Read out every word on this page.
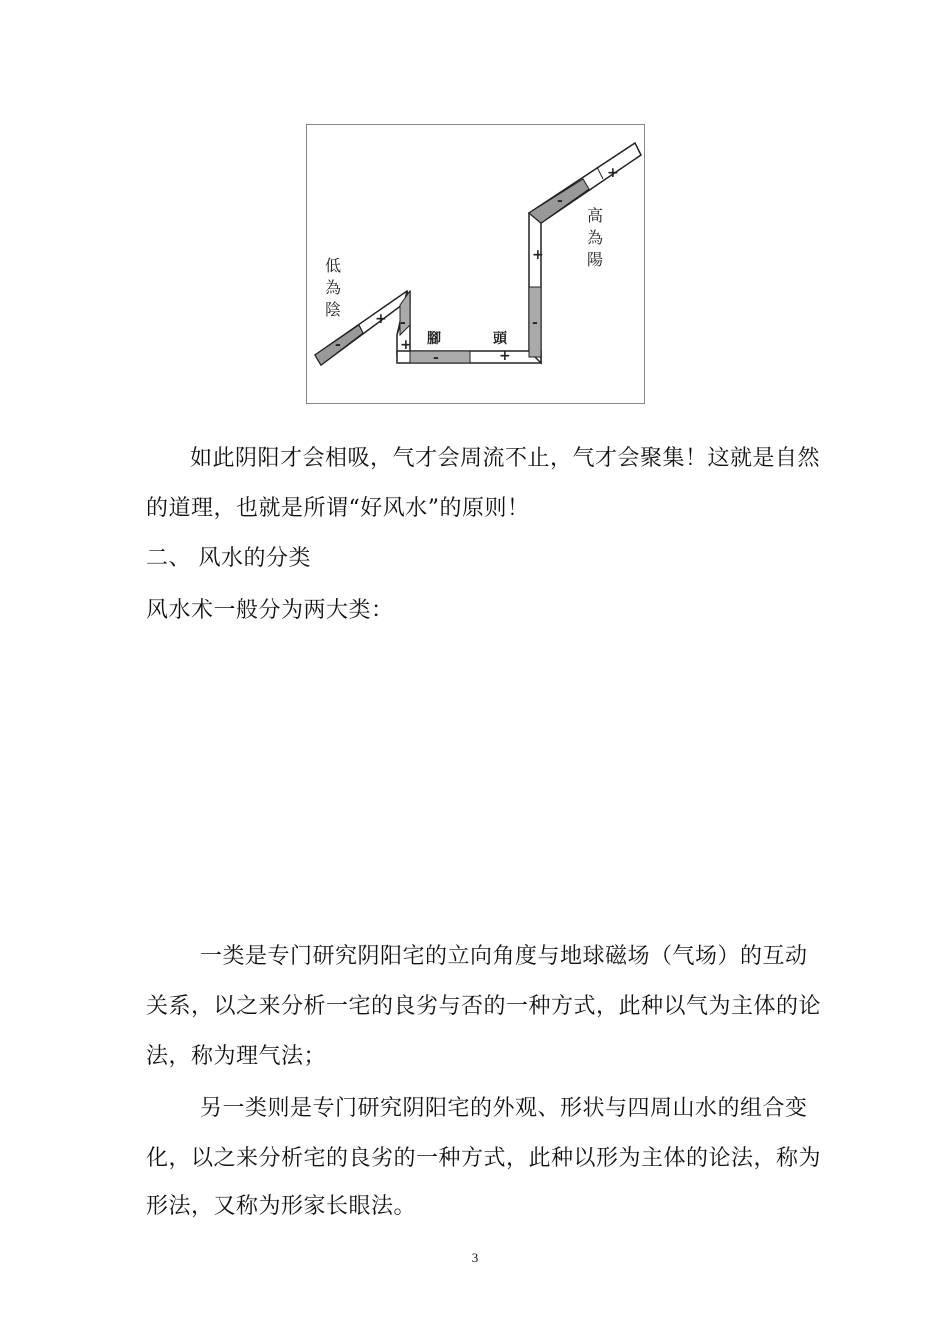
-
+ -
+
-	+
+
-
-
+
低為陰
高為陽
腳	頭
如此阴阳才会相吸，气才会周流不止，气才会聚集！这就是自然
的道理，也就是所谓“好风水”的原则！
二、 风水的分类
风水术一般分为两大类：
一类是专门研究阴阳宅的立向角度与地球磁场（气场）的互动
关系，以之来分析一宅的良劣与否的一种方式，此种以气为主体的论
法，称为理气法；
另一类则是专门研究阴阳宅的外观、形状与四周山水的组合变
化，以之来分析宅的良劣的一种方式，此种以形为主体的论法，称为
形法，又称为形家长眼法。
3
